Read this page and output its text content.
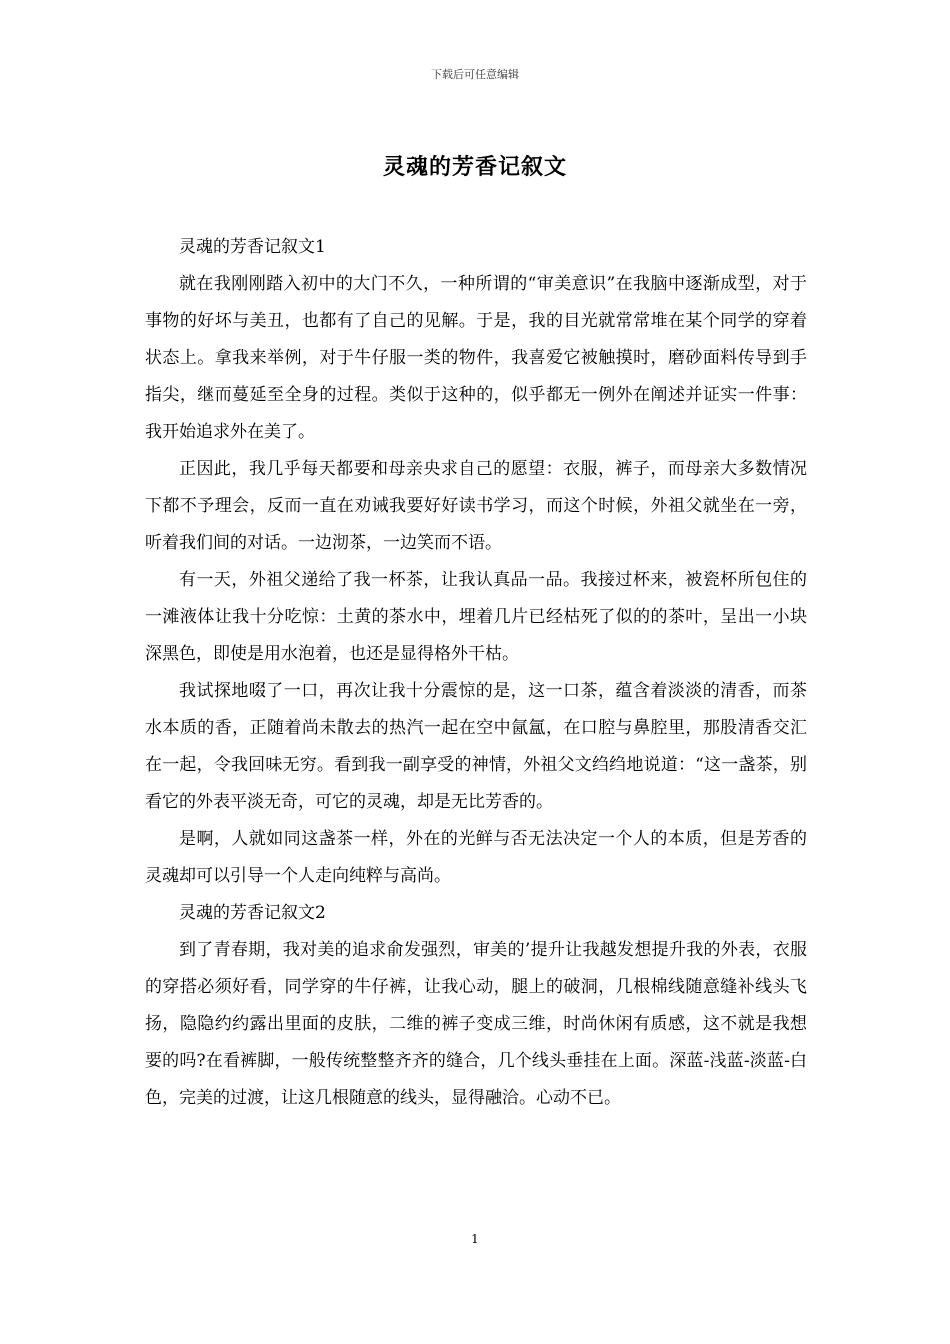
下载后可任意编辑
灵魂的芳香记叙文

灵魂的芳香记叙文1

就在我刚刚踏入初中的大门不久，一种所谓的“审美意识”在我脑中逐渐成型，对于事物的好坏与美丑，也都有了自己的见解。于是，我的目光就常常堆在某个同学的穿着状态上。拿我来举例，对于牛仔服一类的物件，我喜爱它被触摸时，磨砂面料传导到手指尖，继而蔓延至全身的过程。类似于这种的，似乎都无一例外在阐述并证实一件事：我开始追求外在美了。

正因此，我几乎每天都要和母亲央求自己的愿望：衣服，裤子，而母亲大多数情况下都不予理会，反而一直在劝诫我要好好读书学习，而这个时候，外祖父就坐在一旁，听着我们间的对话。一边沏茶，一边笑而不语。

有一天，外祖父递给了我一杯茶，让我认真品一品。我接过杯来，被瓷杯所包住的一滩液体让我十分吃惊：土黄的茶水中，埋着几片已经枯死了似的的茶叶，呈出一小块深黑色，即使是用水泡着，也还是显得格外干枯。

我试探地啜了一口，再次让我十分震惊的是，这一口茶，蕴含着淡淡的清香，而茶水本质的香，正随着尚未散去的热汽一起在空中氤氲，在口腔与鼻腔里，那股清香交汇在一起，令我回味无穷。看到我一副享受的神情，外祖父文绉绉地说道：“这一盏茶，别看它的外表平淡无奇，可它的灵魂，却是无比芳香的。

是啊，人就如同这盏茶一样，外在的光鲜与否无法决定一个人的本质，但是芳香的灵魂却可以引导一个人走向纯粹与高尚。

灵魂的芳香记叙文2

到了青春期，我对美的追求俞发强烈，审美的’提升让我越发想提升我的外表，衣服的穿搭必须好看，同学穿的牛仔裤，让我心动，腿上的破洞，几根棉线随意缝补线头飞扬，隐隐约约露出里面的皮肤，二维的裤子变成三维，时尚休闲有质感，这不就是我想要的吗?在看裤脚，一般传统整整齐齐的缝合，几个线头垂挂在上面。深蓝-浅蓝-淡蓝-白色，完美的过渡，让这几根随意的线头，显得融洽。心动不已。

1
